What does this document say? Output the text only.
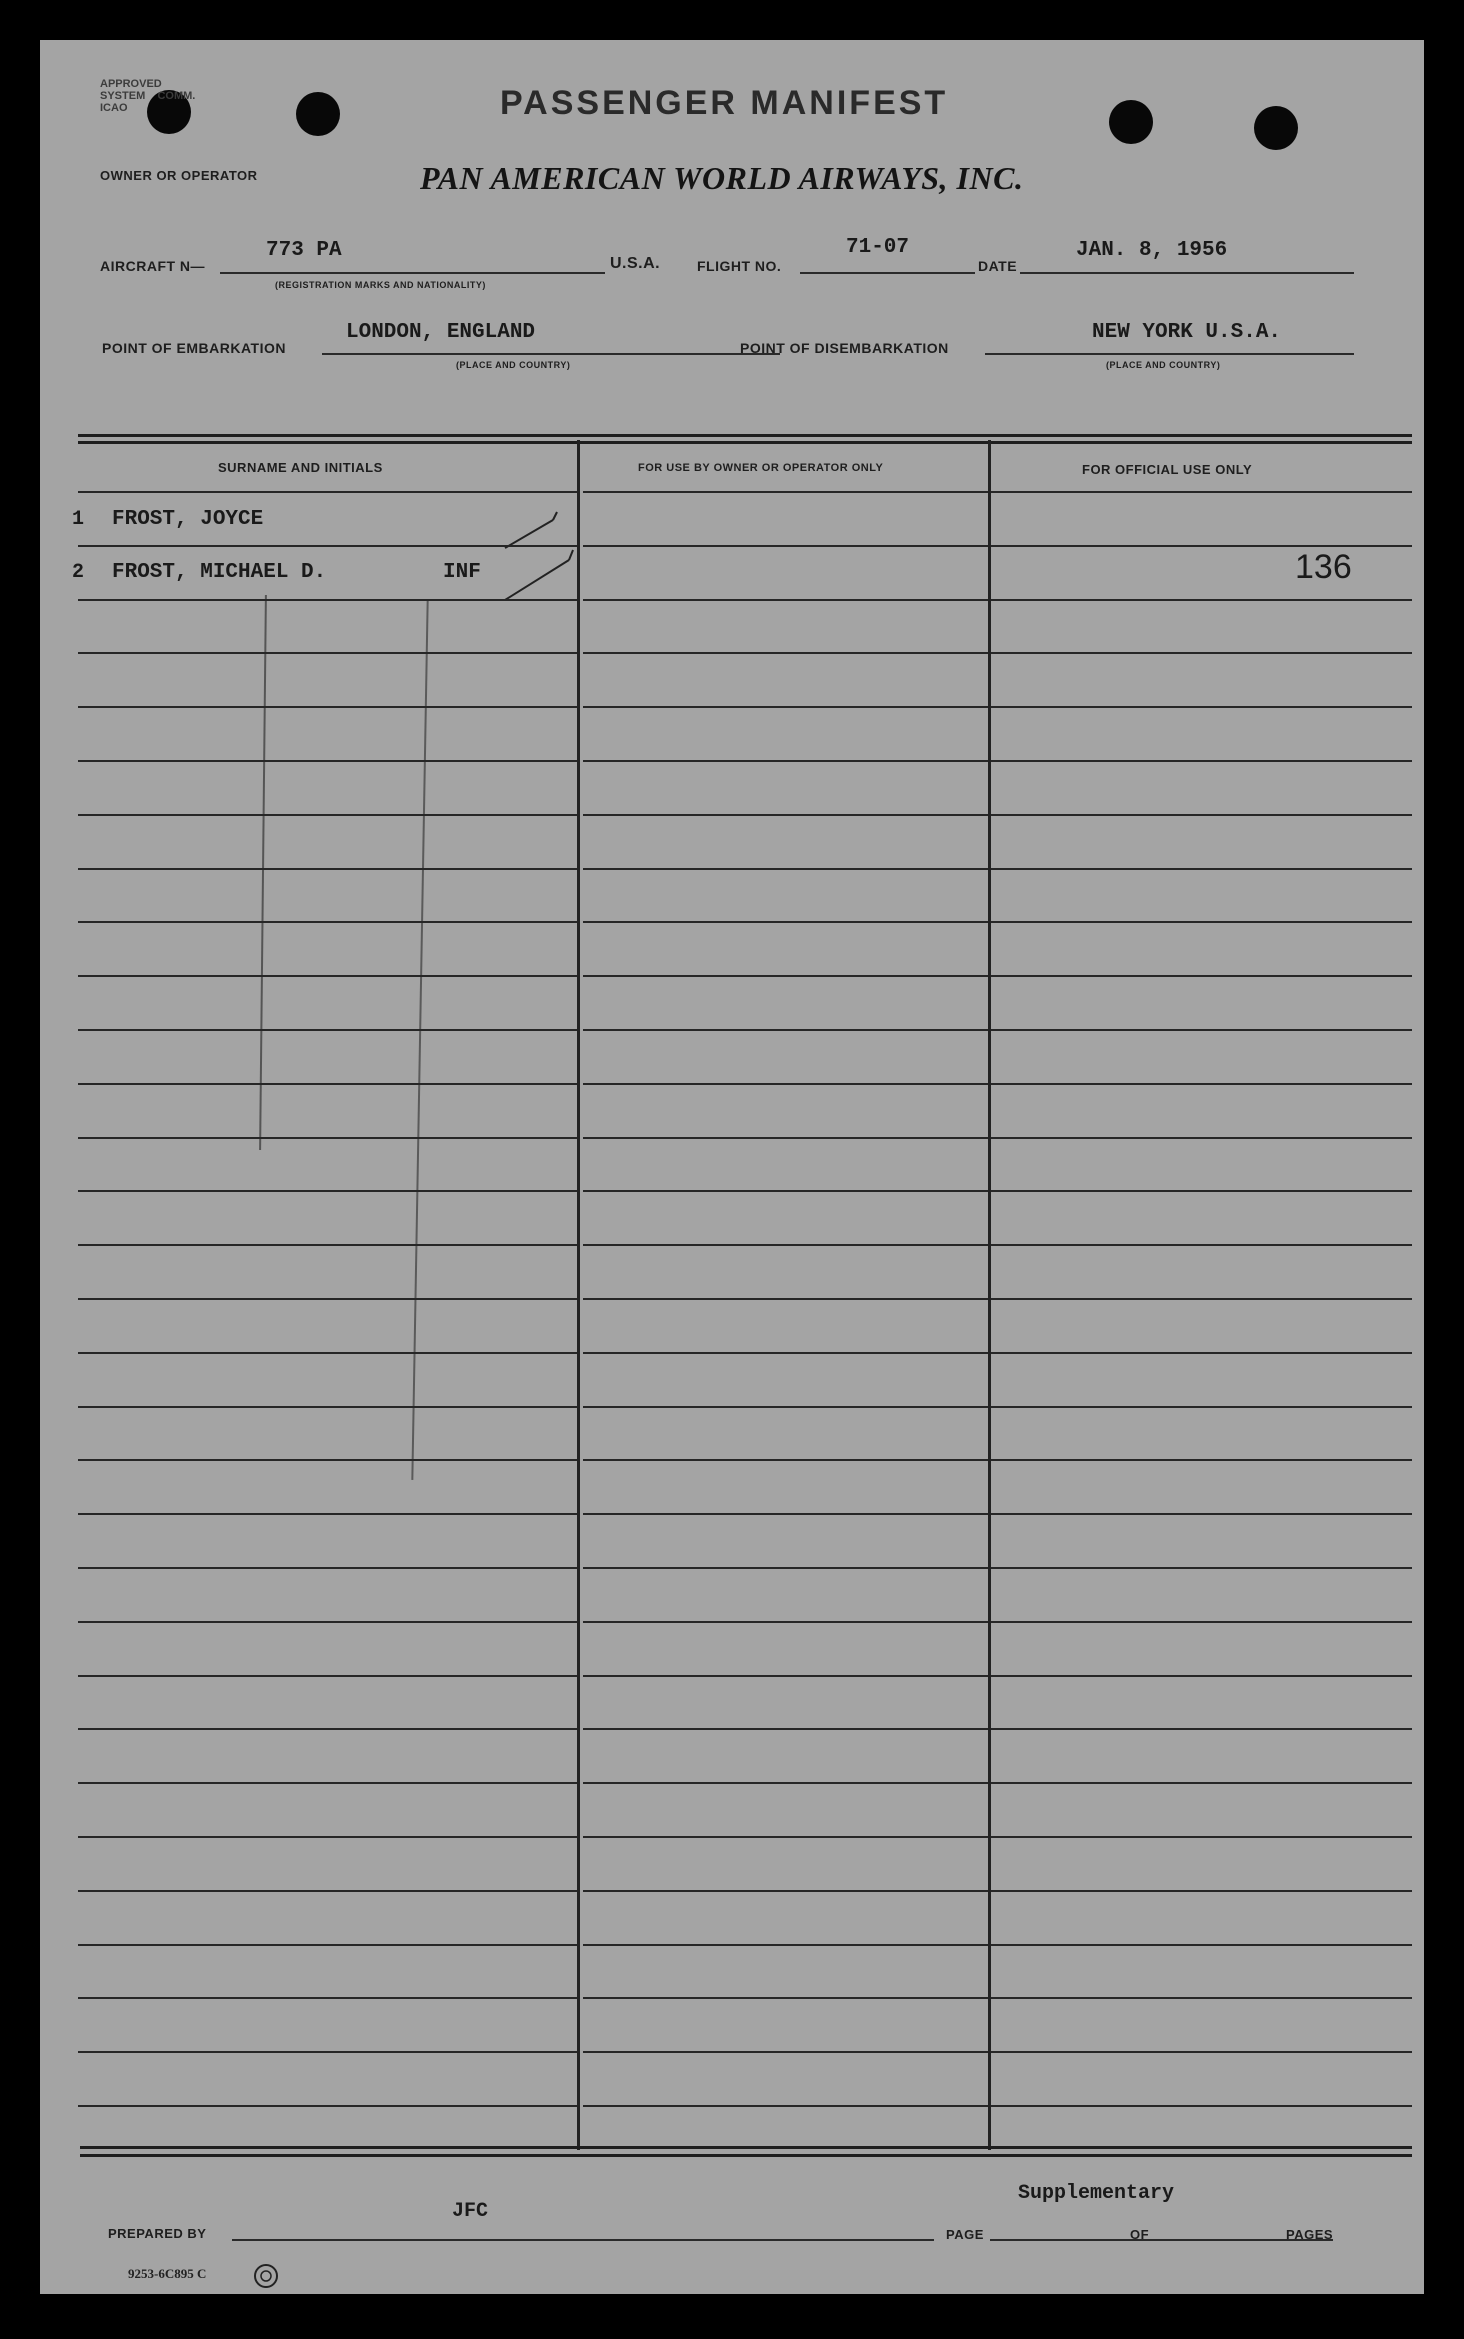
APPROVED
SYSTEM COMM.
ICAO	PASSENGER MANIFEST
OWNER OR OPERATOR	PAN AMERICAN WORLD AIRWAYS, INC.
AIRCRAFT N—
773 PA
(REGISTRATION MARKS AND NATIONALITY)
U.S.A.	FLIGHT NO.
71-07
DATE
JAN. 8, 1956
POINT OF EMBARKATION
LONDON, ENGLAND
(PLACE AND COUNTRY)
POINT OF DISEMBARKATION
NEW YORK U.S.A.
(PLACE AND COUNTRY)
SURNAME AND INITIALS	FOR USE BY OWNER OR OPERATOR ONLY	FOR OFFICIAL USE ONLY
1 FROST, JOYCE
2 FROST, MICHAEL D.	INF	136
PREPARED BY
JFC
Supplementary
PAGE	OF	PAGES
9253-6C895 C
